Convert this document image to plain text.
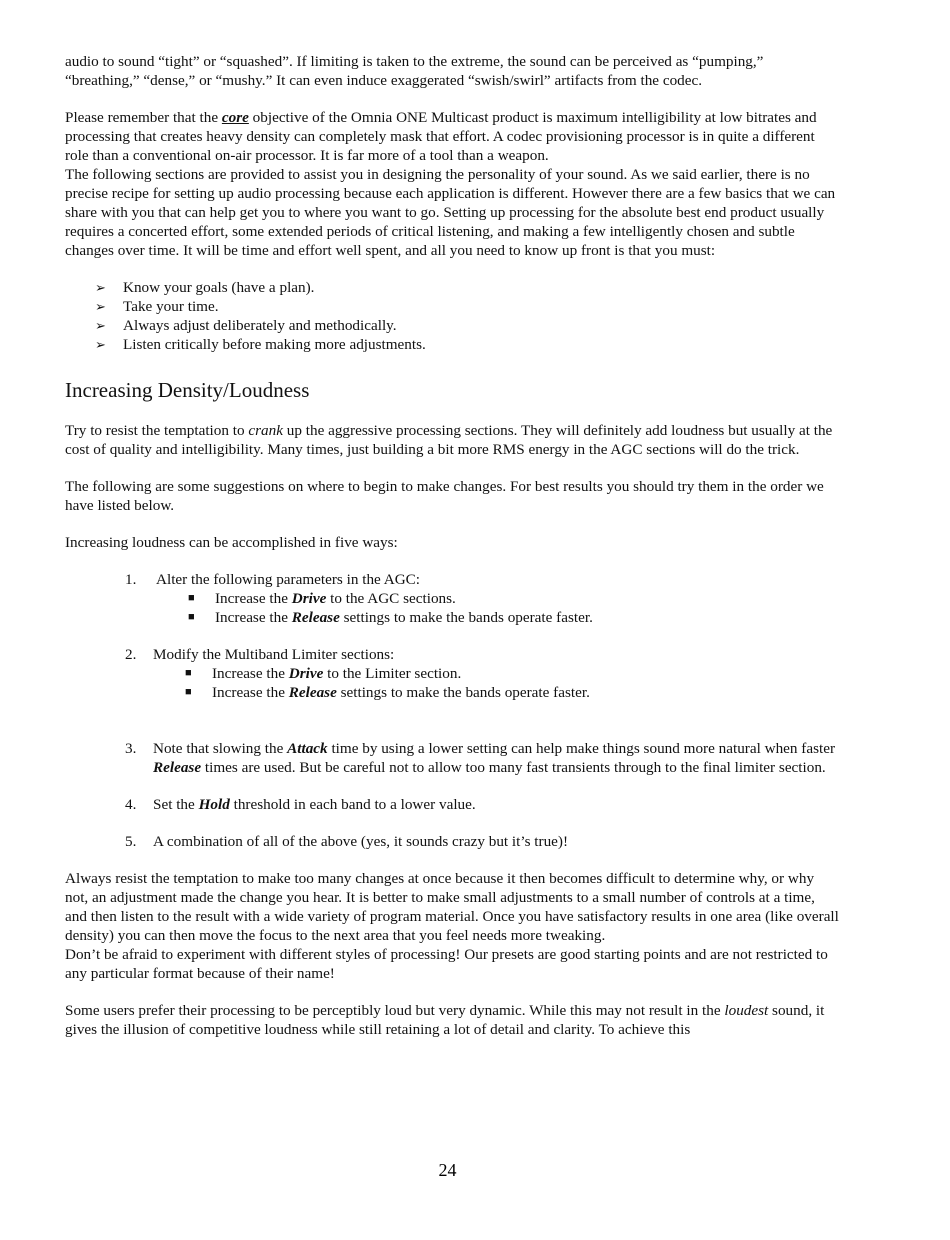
audio to sound “tight” or “squashed”. If limiting is taken to the extreme, the sound can be perceived as “pumping,” “breathing,” “dense,” or “mushy.” It can even induce exaggerated “swish/swirl” artifacts from the codec.

Please remember that the core objective of the Omnia ONE Multicast product is maximum intelligibility at low bitrates and processing that creates heavy density can completely mask that effort. A codec provisioning processor is in quite a different role than a conventional on-air processor. It is far more of a tool than a weapon.

The following sections are provided to assist you in designing the personality of your sound. As we said earlier, there is no precise recipe for setting up audio processing because each application is different. However there are a few basics that we can share with you that can help get you to where you want to go. Setting up processing for the absolute best end product usually requires a concerted effort, some extended periods of critical listening, and making a few intelligently chosen and subtle changes over time. It will be time and effort well spent, and all you need to know up front is that you must:

➢ Know your goals (have a plan).
➢ Take your time.
➢ Always adjust deliberately and methodically.
➢ Listen critically before making more adjustments.
Increasing Density/Loudness

Try to resist the temptation to crank up the aggressive processing sections. They will definitely add loudness but usually at the cost of quality and intelligibility. Many times, just building a bit more RMS energy in the AGC sections will do the trick.

The following are some suggestions on where to begin to make changes. For best results you should try them in the order we have listed below.

Increasing loudness can be accomplished in five ways:

1. Alter the following parameters in the AGC:
■ Increase the Drive to the AGC sections.
■ Increase the Release settings to make the bands operate faster.
2. Modify the Multiband Limiter sections:
■ Increase the Drive to the Limiter section.
■ Increase the Release settings to make the bands operate faster.
3. Note that slowing the Attack time by using a lower setting can help make things sound more natural when faster Release times are used. But be careful not to allow too many fast transients through to the final limiter section.
4. Set the Hold threshold in each band to a lower value.
5. A combination of all of the above (yes, it sounds crazy but it’s true)!

Always resist the temptation to make too many changes at once because it then becomes difficult to determine why, or why not, an adjustment made the change you hear. It is better to make small adjustments to a small number of controls at a time, and then listen to the result with a wide variety of program material. Once you have satisfactory results in one area (like overall density) you can then move the focus to the next area that you feel needs more tweaking.

Don’t be afraid to experiment with different styles of processing! Our presets are good starting points and are not restricted to any particular format because of their name!

Some users prefer their processing to be perceptibly loud but very dynamic. While this may not result in the loudest sound, it gives the illusion of competitive loudness while still retaining a lot of detail and clarity. To achieve this

24
